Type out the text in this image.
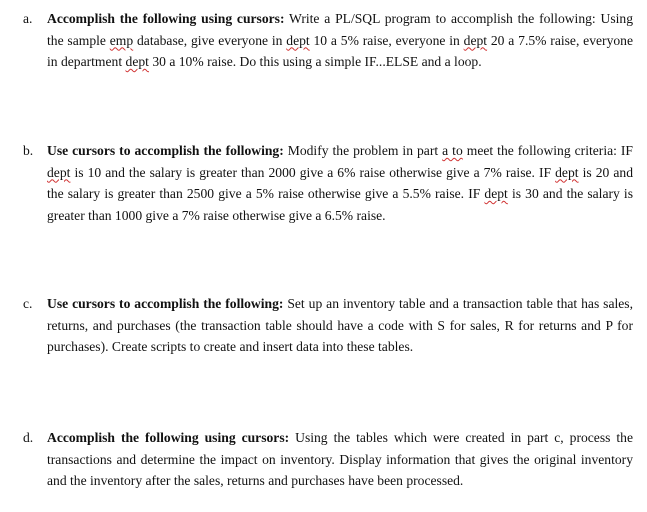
a.	Accomplish the following using cursors: Write a PL/SQL program to accomplish the following: Using the sample emp database, give everyone in dept 10 a 5% raise, everyone in dept 20 a 7.5% raise, everyone in department dept 30 a 10% raise. Do this using a simple IF...ELSE and a loop.

b.	Use cursors to accomplish the following: Modify the problem in part a to meet the following criteria: IF dept is 10 and the salary is greater than 2000 give a 6% raise otherwise give a 7% raise. IF dept is 20 and the salary is greater than 2500 give a 5% raise otherwise give a 5.5% raise. IF dept is 30 and the salary is greater than 1000 give a 7% raise otherwise give a 6.5% raise.

c.	Use cursors to accomplish the following: Set up an inventory table and a transaction table that has sales, returns, and purchases (the transaction table should have a code with S for sales, R for returns and P for purchases). Create scripts to create and insert data into these tables.

d.	Accomplish the following using cursors: Using the tables which were created in part c, process the transactions and determine the impact on inventory. Display information that gives the original inventory and the inventory after the sales, returns and purchases have been processed.
